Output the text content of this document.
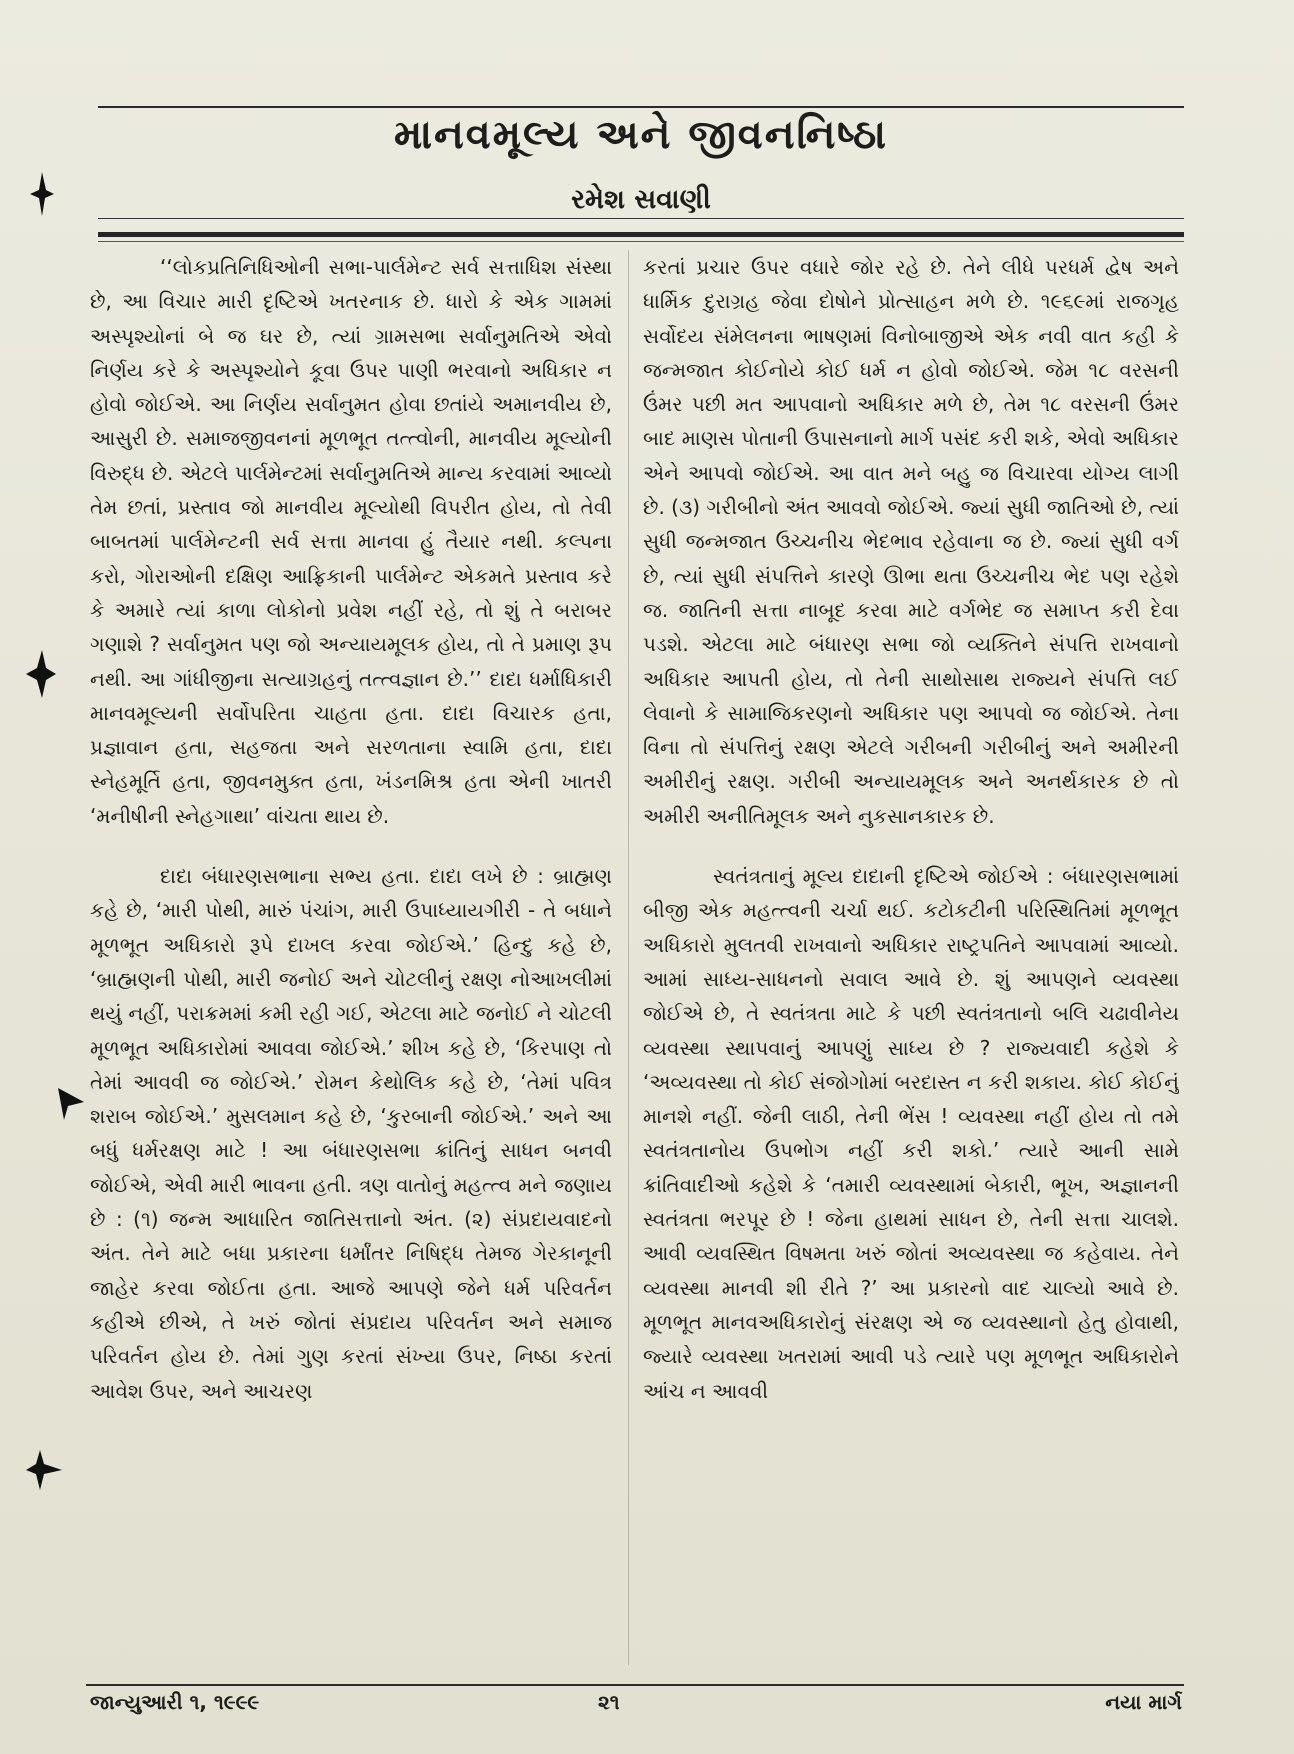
માનવમૂલ્ય અને જીવનનિષ્ઠા
રમેશ સવાણી

‘‘લોકપ્રતિનિધિઓની સભા-પાર્લમેન્ટ સર્વ સત્તાધિશ સંસ્થા છે, આ વિચાર મારી દૃષ્ટિએ ખતરનાક છે. ધારો કે એક ગામમાં અસ્પૃશ્યોનાં બે જ ઘર છે, ત્યાં ગ્રામસભા સર્વાનુમતિએ એવો નિર્ણય કરે કે અસ્પૃશ્યોને કૂવા ઉપર પાણી ભરવાનો અધિકાર ન હોવો જોઈએ. આ નિર્ણય સર્વાનુમત હોવા છતાંયે અમાનવીય છે, આસુરી છે. સમાજજીવનનાં મૂળભૂત તત્ત્વોની, માનવીય મૂલ્યોની વિરુદ્ધ છે. એટલે પાર્લમેન્ટમાં સર્વાનુમતિએ માન્ય કરવામાં આવ્યો તેમ છતાં, પ્રસ્તાવ જો માનવીય મૂલ્યોથી વિપરીત હોય, તો તેવી બાબતમાં પાર્લમેન્ટની સર્વ સત્તા માનવા હું તૈયાર નથી. કલ્પના કરો, ગોરાઓની દક્ષિણ આફ્રિકાની પાર્લમેન્ટ એકમતે પ્રસ્તાવ કરે કે અમારે ત્યાં કાળા લોકોનો પ્રવેશ નહીં રહે, તો શું તે બરાબર ગણાશે ? સર્વાનુમત પણ જો અન્યાયમૂલક હોય, તો તે પ્રમાણ રૂપ નથી. આ ગાંધીજીના સત્યાગ્રહનું તત્ત્વજ્ઞાન છે.’’ દાદા ધર્માધિકારી માનવમૂલ્યની સર્વોપરિતા ચાહતા હતા. દાદા વિચારક હતા, પ્રજ્ઞાવાન હતા, સહજતા અને સરળતાના સ્વામિ હતા, દાદા સ્નેહમૂર્તિ હતા, જીવનમુક્ત હતા, ખંડનમિશ્ર હતા એની ખાતરી ‘મનીષીની સ્નેહગાથા’ વાંચતા થાય છે.

દાદા બંધારણસભાના સભ્ય હતા. દાદા લખે છે : બ્રાહ્મણ કહે છે, ‘મારી પોથી, મારું પંચાંગ, મારી ઉપાધ્યાયગીરી - તે બધાને મૂળભૂત અધિકારો રૂપે દાખલ કરવા જોઈએ.’ હિન્દુ કહે છે, ‘બ્રાહ્મણની પોથી, મારી જનોઈ અને ચોટલીનું રક્ષણ નોઆખલીમાં થયું નહીં, પરાક્રમમાં કમી રહી ગઈ, એટલા માટે જનોઈ ને ચોટલી મૂળભૂત અધિકારોમાં આવવા જોઈએ.’ શીખ કહે છે, ‘કિરપાણ તો તેમાં આવવી જ જોઈએ.’ રોમન કેથોલિક કહે છે, ‘તેમાં પવિત્ર શરાબ જોઈએ.’ મુસલમાન કહે છે, ‘કુરબાની જોઈએ.’ અને આ બધું ધર્મરક્ષણ માટે ! આ બંધારણસભા ક્રાંતિનું સાધન બનવી જોઈએ, એવી મારી ભાવના હતી. ત્રણ વાતોનું મહત્ત્વ મને જણાય છે : (૧) જન્મ આધારિત જાતિસત્તાનો અંત. (૨) સંપ્રદાયવાદનો અંત. તેને માટે બધા પ્રકારના ધર્માંતર નિષિદ્ધ તેમજ ગેરકાનૂની જાહેર કરવા જોઈતા હતા. આજે આપણે જેને ધર્મ પરિવર્તન કહીએ છીએ, તે ખરું જોતાં સંપ્રદાય પરિવર્તન અને સમાજ પરિવર્તન હોય છે. તેમાં ગુણ કરતાં સંખ્યા ઉપર, નિષ્ઠા કરતાં આવેશ ઉપર, અને આચરણ

કરતાં પ્રચાર ઉપર વધારે જોર રહે છે. તેને લીધે પરધર્મ દ્વેષ અને ધાર્મિક દુરાગ્રહ જેવા દોષોને પ્રોત્સાહન મળે છે. ૧૯૬૯માં રાજગૃહ સર્વોદય સંમેલનના ભાષણમાં વિનોબાજીએ એક નવી વાત કહી કે જન્મજાત કોઈનોયે કોઈ ધર્મ ન હોવો જોઈએ. જેમ ૧૮ વરસની ઉંમર પછી મત આપવાનો અધિકાર મળે છે, તેમ ૧૮ વરસની ઉંમર બાદ માણસ પોતાની ઉપાસનાનો માર્ગ પસંદ કરી શકે, એવો અધિકાર એને આપવો જોઈએ. આ વાત મને બહુ જ વિચારવા યોગ્ય લાગી છે. (૩) ગરીબીનો અંત આવવો જોઈએ. જ્યાં સુધી જાતિઓ છે, ત્યાં સુધી જન્મજાત ઉચ્ચનીચ ભેદભાવ રહેવાના જ છે. જ્યાં સુધી વર્ગ છે, ત્યાં સુધી સંપત્તિને કારણે ઊભા થતા ઉચ્ચનીચ ભેદ પણ રહેશે જ. જાતિની સત્તા નાબૂદ કરવા માટે વર્ગભેદ જ સમાપ્ત કરી દેવા પડશે. એટલા માટે બંધારણ સભા જો વ્યક્તિને સંપત્તિ રાખવાનો અધિકાર આપતી હોય, તો તેની સાથોસાથ રાજ્યને સંપત્તિ લઈ લેવાનો કે સામાજિકરણનો અધિકાર પણ આપવો જ જોઈએ. તેના વિના તો સંપત્તિનું રક્ષણ એટલે ગરીબની ગરીબીનું અને અમીરની અમીરીનું રક્ષણ. ગરીબી અન્યાયમૂલક અને અનર્થકારક છે તો અમીરી અનીતિમૂલક અને નુકસાનકારક છે.

સ્વતંત્રતાનું મૂલ્ય દાદાની દૃષ્ટિએ જોઈએ : બંધારણસભામાં બીજી એક મહત્ત્વની ચર્ચા થઈ. કટોકટીની પરિસ્થિતિમાં મૂળભૂત અધિકારો મુલતવી રાખવાનો અધિકાર રાષ્ટ્રપતિને આપવામાં આવ્યો. આમાં સાધ્ય-સાધનનો સવાલ આવે છે. શું આપણને વ્યવસ્થા જોઈએ છે, તે સ્વતંત્રતા માટે કે પછી સ્વતંત્રતાનો બલિ ચઢાવીનેય વ્યવસ્થા સ્થાપવાનું આપણું સાધ્ય છે ? રાજ્યવાદી કહેશે કે ‘અવ્યવસ્થા તો કોઈ સંજોગોમાં બરદાસ્ત ન કરી શકાય. કોઈ કોઈનું માનશે નહીં. જેની લાઠી, તેની ભેંસ ! વ્યવસ્થા નહીં હોય તો તમે સ્વતંત્રતાનોય ઉપભોગ નહીં કરી શકો.’ ત્યારે આની સામે ક્રાંતિવાદીઓ કહેશે કે ‘તમારી વ્યવસ્થામાં બેકારી, ભૂખ, અજ્ઞાનની સ્વતંત્રતા ભરપૂર છે ! જેના હાથમાં સાધન છે, તેની સત્તા ચાલશે. આવી વ્યવસ્થિત વિષમતા ખરું જોતાં અવ્યવસ્થા જ કહેવાય. તેને વ્યવસ્થા માનવી શી રીતે ?’ આ પ્રકારનો વાદ ચાલ્યો આવે છે. મૂળભૂત માનવઅધિકારોનું સંરક્ષણ એ જ વ્યવસ્થાનો હેતુ હોવાથી, જ્યારે વ્યવસ્થા ખતરામાં આવી પડે ત્યારે પણ મૂળભૂત અધિકારોને આંચ ન આવવી

જાન્યુઆરી ૧, ૧૯૯૯	૨૧	નયા માર્ગ
